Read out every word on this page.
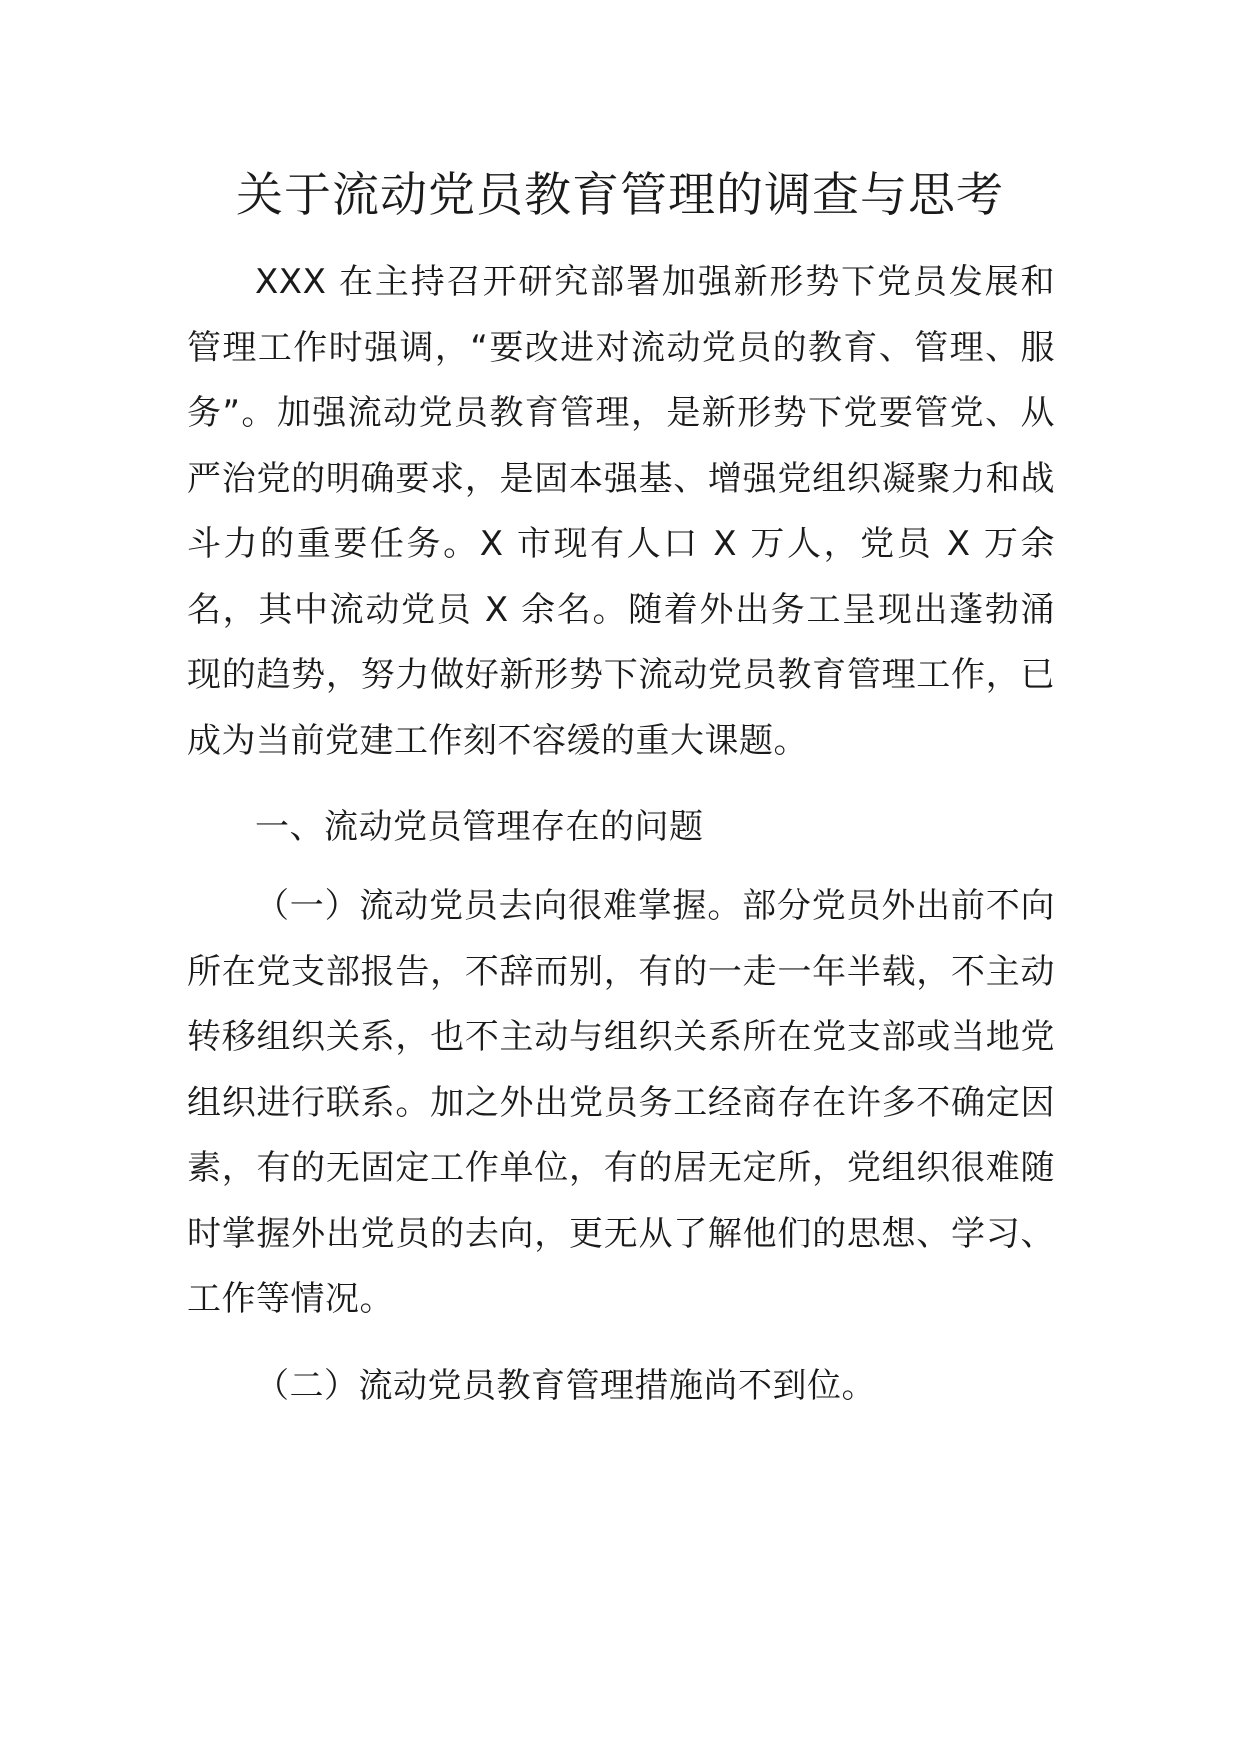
关于流动党员教育管理的调查与思考

XXX 在主持召开研究部署加强新形势下党员发展和管理工作时强调，“要改进对流动党员的教育、管理、服务”。加强流动党员教育管理，是新形势下党要管党、从严治党的明确要求，是固本强基、增强党组织凝聚力和战斗力的重要任务。X 市现有人口 X 万人，党员 X 万余名，其中流动党员 X 余名。随着外出务工呈现出蓬勃涌现的趋势，努力做好新形势下流动党员教育管理工作，已成为当前党建工作刻不容缓的重大课题。

一、流动党员管理存在的问题

（一）流动党员去向很难掌握。部分党员外出前不向所在党支部报告，不辞而别，有的一走一年半载，不主动转移组织关系，也不主动与组织关系所在党支部或当地党组织进行联系。加之外出党员务工经商存在许多不确定因素，有的无固定工作单位，有的居无定所，党组织很难随时掌握外出党员的去向，更无从了解他们的思想、学习、工作等情况。

（二）流动党员教育管理措施尚不到位。
